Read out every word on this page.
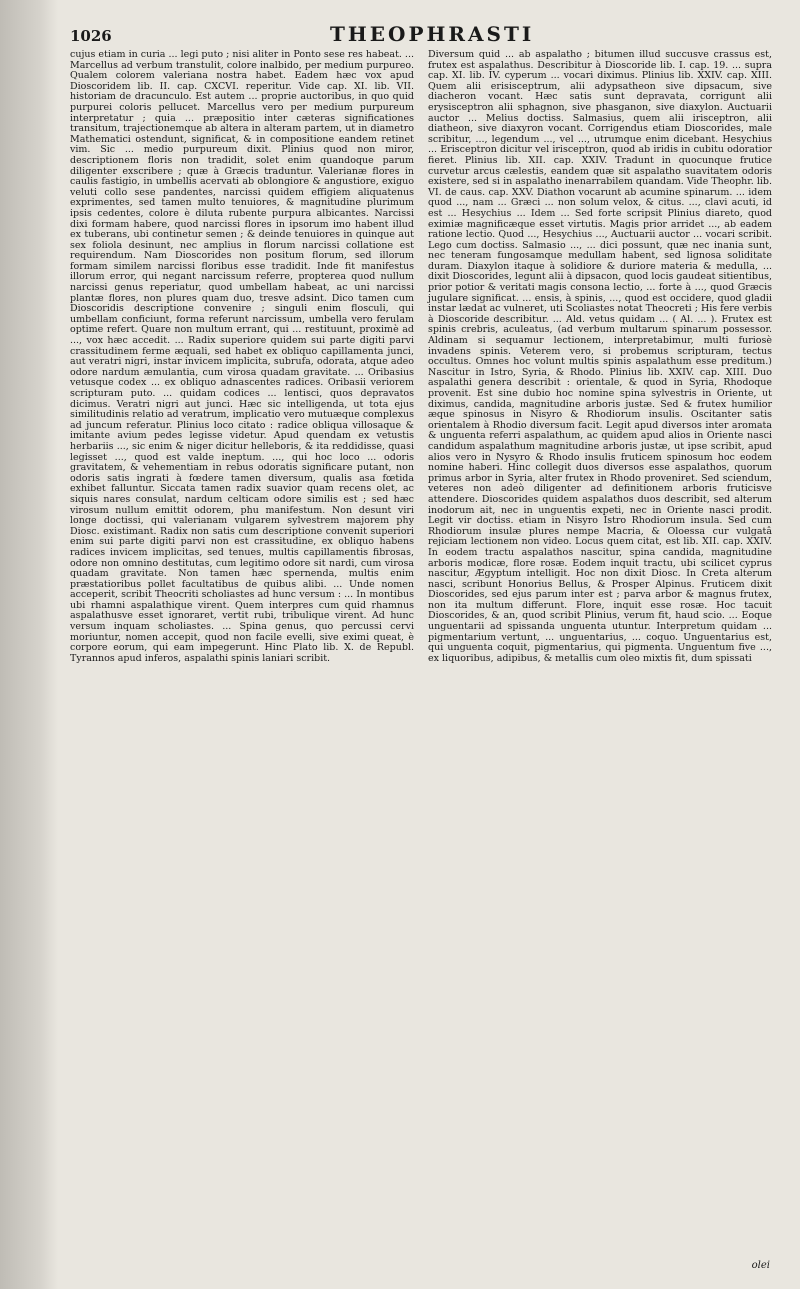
1026	THEOPHRASTI

cujus etiam in curia ... legi puto ; nisi aliter in Ponto sese res habeat. ... Marcellus ad verbum transtulit, colore inalbido, per medium purpureo. Qualem colorem valeriana nostra habet. Eadem hæc vox apud Dioscoridem lib. II. cap. CXCVI. reperitur. Vide cap. XI. lib. VII. historiam de dracunculo. Est autem ... proprie auctoribus, in quo quid purpurei coloris pellucet. Marcellus vero per medium purpureum interpretatur ; quia ... præpositio inter cæteras significationes transitum, trajectionemque ab altera in alteram partem, ut in diametro Mathematici ostendunt, significat, & in compositione eandem retinet vim. Sic ... medio purpureum dixit. Plinius quod non miror, descriptionem floris non tradidit, solet enim quandoque parum diligenter exscribere ; quæ à Græcis traduntur. Valerianæ flores in caulis fastigio, in umbellis acervati ab oblongiore & angustiore, exiguo veluti collo sese pandentes, narcissi quidem effigiem aliquatenus exprimentes, sed tamen multo tenuiores, & magnitudine plurimum ipsis cedentes, colore è diluta rubente purpura albicantes. Narcissi dixi formam habere, quod narcissi flores in ipsorum imo habent illud ex tuberans, ubi continetur semen ; & deinde tenuiores in quinque aut sex foliola desinunt, nec amplius in florum narcissi collatione est requirendum. Nam Dioscorides non positum florum, sed illorum formam similem narcissi floribus esse tradidit. Inde fit manifestus illorum error, qui negant narcissum referre, propterea quod nullum narcissi genus reperiatur, quod umbellam habeat, ac uni narcissi plantæ flores, non plures quam duo, tresve adsint. Dico tamen cum Dioscoridis descriptione convenire ; singuli enim flosculi, qui umbellam conficiunt, forma referunt narcissum, umbella vero ferulam optime refert. Quare non multum errant, qui ... restituunt, proximè ad ..., vox hæc accedit. ... Radix superiore quidem sui parte digiti parvi crassitudinem ferme æquali, sed habet ex obliquo capillamenta junci, aut veratri nigri, instar invicem implicita, subrufa, odorata, atque adeo odore nardum æmulantia, cum virosa quadam gravitate. ... Oribasius vetusque codex ... ex obliquo adnascentes radices. Oribasii veriorem scripturam puto. ... quidam codices ... lentisci, quos depravatos dicimus. Veratri nigri aut junci. Hæc sic intelligenda, ut tota ejus similitudinis relatio ad veratrum, implicatio vero mutuæque complexus ad juncum referatur. Plinius loco citato : radice obliqua villosaque & imitante avium pedes legisse videtur. Apud quendam ex vetustis herbariis ..., sic enim & niger dicitur helleboris, & ita reddidisse, quasi legisset ..., quod est valde ineptum. ..., qui hoc loco ... odoris gravitatem, & vehementiam in rebus odoratis significare putant, non odoris satis ingrati à fœdere tamen diversum, qualis asa fœtida exhibet falluntur. Siccata tamen radix suavior quam recens olet, ac siquis nares consulat, nardum celticam odore similis est ; sed hæc virosum nullum emittit odorem, phu manifestum. Non desunt viri longe doctissi, qui valerianam vulgarem sylvestrem majorem phy Diosc. existimant. Radix non satis cum descriptione convenit superiori enim sui parte digiti parvi non est crassitudine, ex obliquo habens radices invicem implicitas, sed tenues, multis capillamentis fibrosas, odore non omnino destitutas, cum legitimo odore sit nardi, cum virosa quadam gravitate. Non tamen hæc spernenda, multis enim præstatioribus pollet facultatibus de quibus alibi. ... Unde nomen acceperit, scribit Theocriti scholiastes ad hunc versum : ... In montibus ubi rhamni aspalathique virent. Quem interpres cum quid rhamnus aspalathusve esset ignoraret, vertit rubi, tribulique virent. Ad hunc versum inquam scholiastes. ... Spina genus, quo percussi cervi moriuntur, nomen accepit, quod non facile evelli, sive eximi queat, è corpore eorum, qui eam impegerunt. Hinc Plato lib. X. de Republ. Tyrannos apud inferos, aspalathi spinis laniari scribit.

Diversum quid ... ab aspalatho ; bitumen illud succusve crassus est, frutex est aspalathus. Describitur à Dioscoride lib. I. cap. 19. ... supra cap. XI. lib. IV. cyperum ... vocari diximus. Plinius lib. XXIV. cap. XIII. Quem alii erisisceptrum, alii adypsatheon sive dipsacum, sive diacheron vocant. Hæc satis sunt depravata, corrigunt alii erysisceptron alii sphagnon, sive phasganon, sive diaxylon. Auctuarii auctor ... Melius doctiss. Salmasius, quem alii irisceptron, alii diatheon, sive diaxyron vocant. Corrigendus etiam Dioscorides, male scribitur, ..., legendum ..., vel ..., utrumque enim dicebant. Hesychius ... Erisceptron dicitur vel irisceptron, quod ab iridis in cubitu odoratior fieret. Plinius lib. XII. cap. XXIV. Tradunt in quocunque frutice curvetur arcus cælestis, eandem quæ sit aspalatho suavitatem odoris existere, sed si in aspalatho inenarrabilem quandam. Vide Theophr. lib. VI. de caus. cap. XXV. Diathon vocarunt ab acumine spinarum. ... idem quod ..., nam ... Græci ... non solum velox, & citus. ..., clavi acuti, id est ... Hesychius ... Idem ... Sed forte scripsit Plinius diareto, quod eximiæ magnificæque esset virtutis. Magis prior arridet ..., ab eadem ratione lectio. Quod ..., Hesychius ..., Auctuarii auctor ... vocari scribit. Lego cum doctiss. Salmasio ..., ... dici possunt, quæ nec inania sunt, nec teneram fungosamque medullam habent, sed lignosa soliditate duram. Diaxylon itaque à solidiore & duriore materia & medulla, ... dixit Dioscorides, legunt alii à dipsacon, quod locis gaudeat sitientibus, prior potior & veritati magis consona lectio, ... forte à ..., quod Græcis jugulare significat. ... ensis, à spinis, ..., quod est occidere, quod gladii instar lædat ac vulneret, uti Scoliastes notat Theocreti ; His fere verbis à Dioscoride describitur. ... Ald. vetus quidam ... ( Al. ... ). Frutex est spinis crebris, aculeatus, (ad verbum multarum spinarum possessor. Aldinam si sequamur lectionem, interpretabimur, multi furiosè invadens spinis. Veterem vero, si probemus scripturam, tectus occultus. Omnes hoc volunt multis spinis aspalathum esse preditum.) Nascitur in Istro, Syria, & Rhodo. Plinius lib. XXIV. cap. XIII. Duo aspalathi genera describit : orientale, & quod in Syria, Rhodoque provenit. Est sine dubio hoc nomine spina sylvestris in Oriente, ut diximus, candida, magnitudine arboris justæ. Sed & frutex humilior æque spinosus in Nisyro & Rhodiorum insulis. Oscitanter satis orientalem à Rhodio diversum facit. Legit apud diversos inter aromata & unguenta referri aspalathum, ac quidem apud alios in Oriente nasci candidum aspalathum magnitudine arboris justæ, ut ipse scribit, apud alios vero in Nysyro & Rhodo insulis fruticem spinosum hoc eodem nomine haberi. Hinc collegit duos diversos esse aspalathos, quorum primus arbor in Syria, alter frutex in Rhodo proveniret. Sed sciendum, veteres non adeò diligenter ad definitionem arboris fruticisve attendere. Dioscorides quidem aspalathos duos describit, sed alterum inodorum ait, nec in unguentis expeti, nec in Oriente nasci prodit. Legit vir doctiss. etiam in Nisyro Istro Rhodiorum insula. Sed cum Rhodiorum insulæ plures nempe Macria, & Oloessa cur vulgatâ rejiciam lectionem non video. Locus quem citat, est lib. XII. cap. XXIV. In eodem tractu aspalathos nascitur, spina candida, magnitudine arboris modicæ, flore rosæ. Eodem inquit tractu, ubi scilicet cyprus nascitur, Ægyptum intelligit. Hoc non dixit Diosc. In Creta alterum nasci, scribunt Honorius Bellus, & Prosper Alpinus. Fruticem dixit Dioscorides, sed ejus parum inter est ; parva arbor & magnus frutex, non ita multum differunt. Flore, inquit esse rosæ. Hoc tacuit Dioscorides, & an, quod scribit Plinius, verum fit, haud scio. ... Eoque unguentarii ad spissanda unguenta utuntur. Interpretum quidam ... pigmentarium vertunt, ... unguentarius, ... coquo. Unguentarius est, qui unguenta coquit, pigmentarius, qui pigmenta. Unguentum five ..., ex liquoribus, adipibus, & metallis cum oleo mixtis fit, dum spissati

olei
